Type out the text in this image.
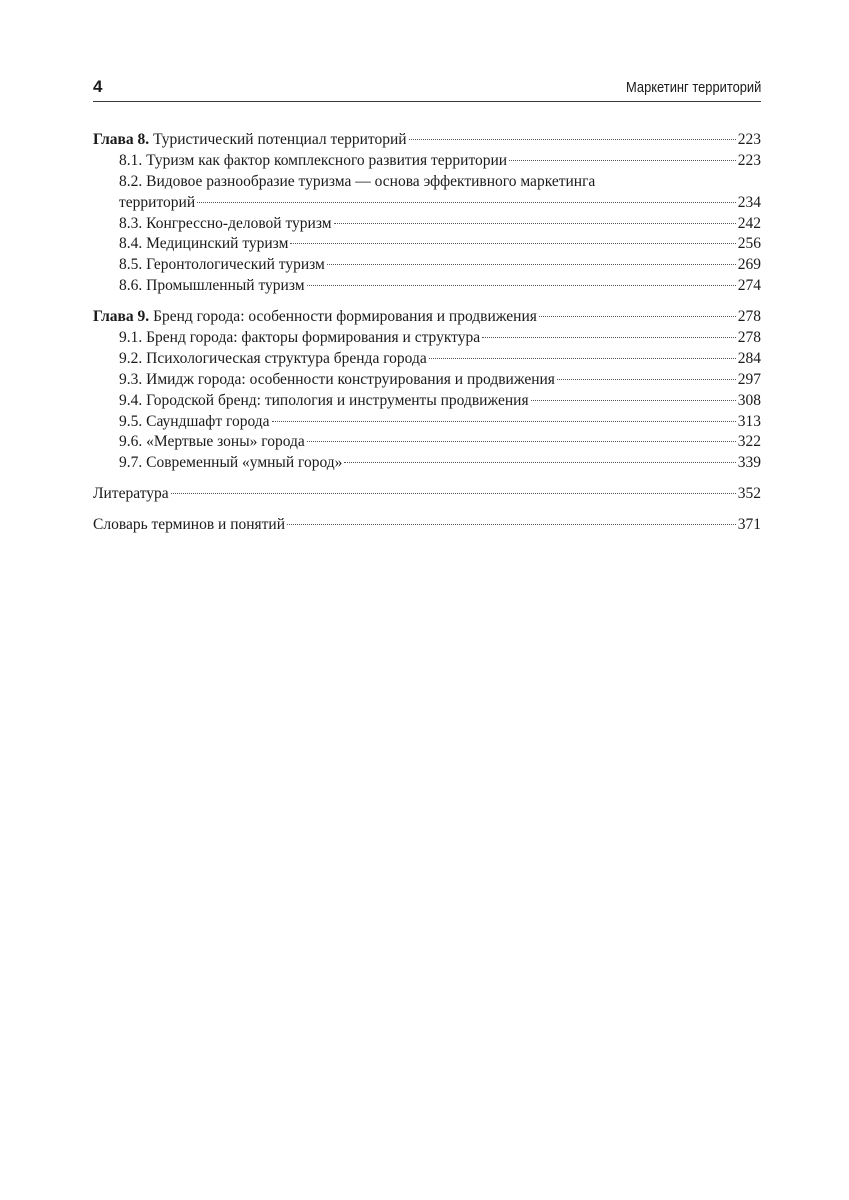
4	Маркетинг территорий
Глава 8. Туристический потенциал территорий	223
8.1. Туризм как фактор комплексного развития территории	223
8.2. Видовое разнообразие туризма — основа эффективного маркетинга
территорий	234
8.3. Конгрессно-деловой туризм	242
8.4. Медицинский туризм	256
8.5. Геронтологический туризм	269
8.6. Промышленный туризм	274
Глава 9. Бренд города: особенности формирования и продвижения	278
9.1. Бренд города: факторы формирования и структура	278
9.2. Психологическая структура бренда города	284
9.3. Имидж города: особенности конструирования и продвижения	297
9.4. Городской бренд: типология и инструменты продвижения	308
9.5. Саундшафт города	313
9.6. «Мертвые зоны» города	322
9.7. Современный «умный город»	339
Литература	352
Словарь терминов и понятий	371
